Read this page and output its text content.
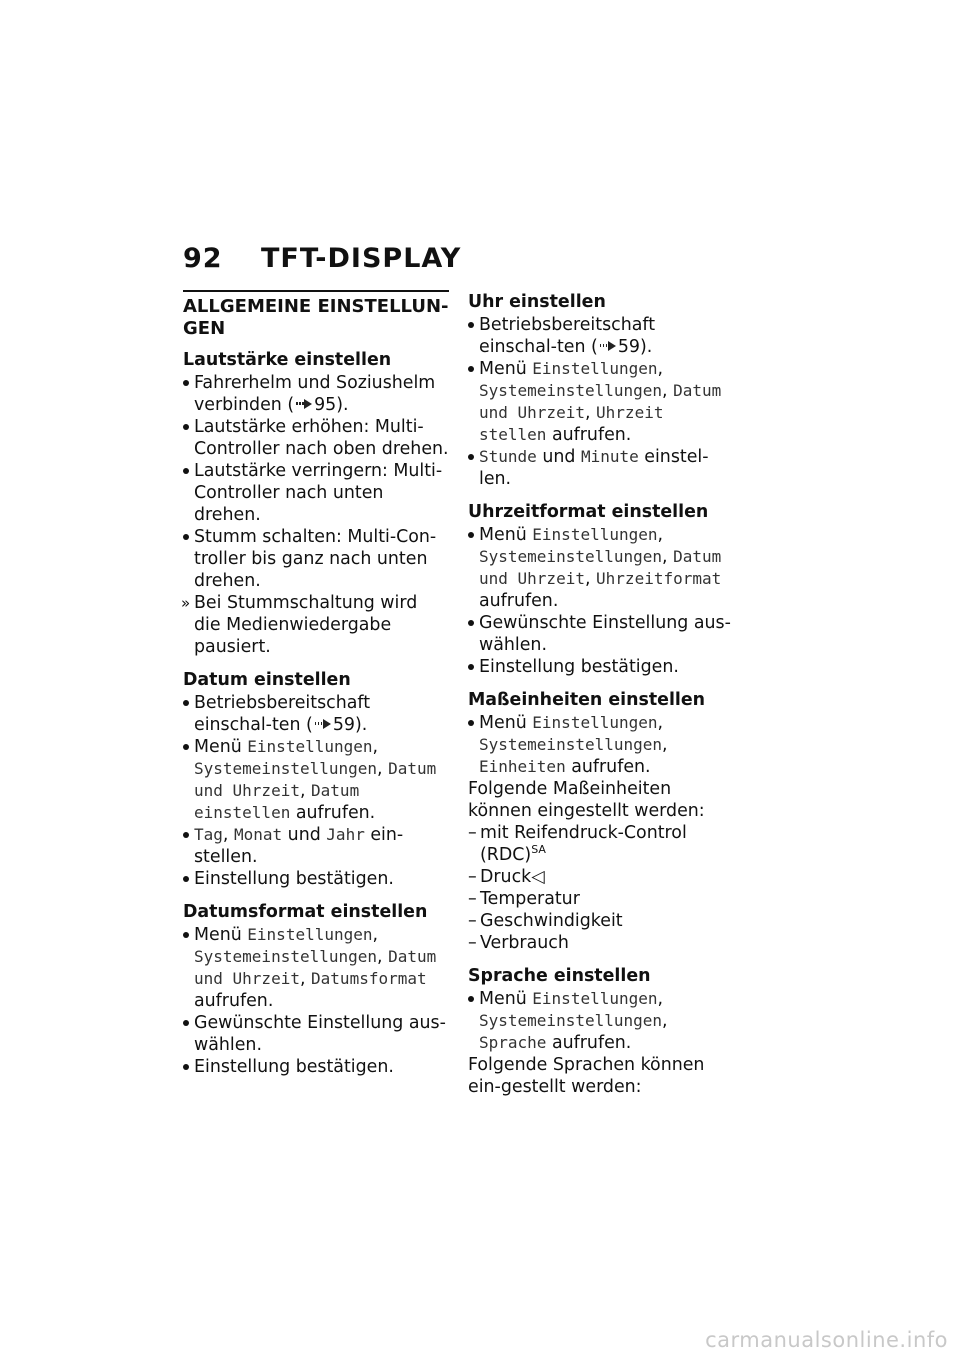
92 TFT-DISPLAY
ALLGEMEINE EINSTELLUN-GEN

Lautstärke einstellen

Fahrerhelm und Soziushelm verbinden ( 95).

Lautstärke erhöhen: Multi-Controller nach oben drehen.

Lautstärke verringern: Multi-Controller nach unten drehen.

Stumm schalten: Multi-Con-troller bis ganz nach unten drehen.

» Bei Stummschaltung wird die Medienwiedergabe pausiert.

Datum einstellen

Betriebsbereitschaft einschal-ten ( 59).

Menü Einstellungen, Systemeinstellungen, Datum und Uhrzeit, Datum einstellen aufrufen.

Tag, Monat und Jahr ein-stellen.

Einstellung bestätigen.

Datumsformat einstellen

Menü Einstellungen, Systemeinstellungen, Datum und Uhrzeit, Datumsformat aufrufen.

Gewünschte Einstellung aus-wählen.

Einstellung bestätigen.

Uhr einstellen

Betriebsbereitschaft einschal-ten ( 59).

Menü Einstellungen, Systemeinstellungen, Datum und Uhrzeit, Uhrzeit stellen aufrufen.

Stunde und Minute einstel-len.

Uhrzeitformat einstellen

Menü Einstellungen, Systemeinstellungen, Datum und Uhrzeit, Uhrzeitformat aufrufen.

Gewünschte Einstellung aus-wählen.

Einstellung bestätigen.

Maßeinheiten einstellen

Menü Einstellungen, Systemeinstellungen, Einheiten aufrufen.

Folgende Maßeinheiten können eingestellt werden:

– mit Reifendruck-Control (RDC)$^{SA}$

– Druck◁

– Temperatur

– Geschwindigkeit

– Verbrauch

Sprache einstellen

Menü Einstellungen, Systemeinstellungen, Sprache aufrufen.

Folgende Sprachen können ein-gestellt werden:

carmanualsonline.info
